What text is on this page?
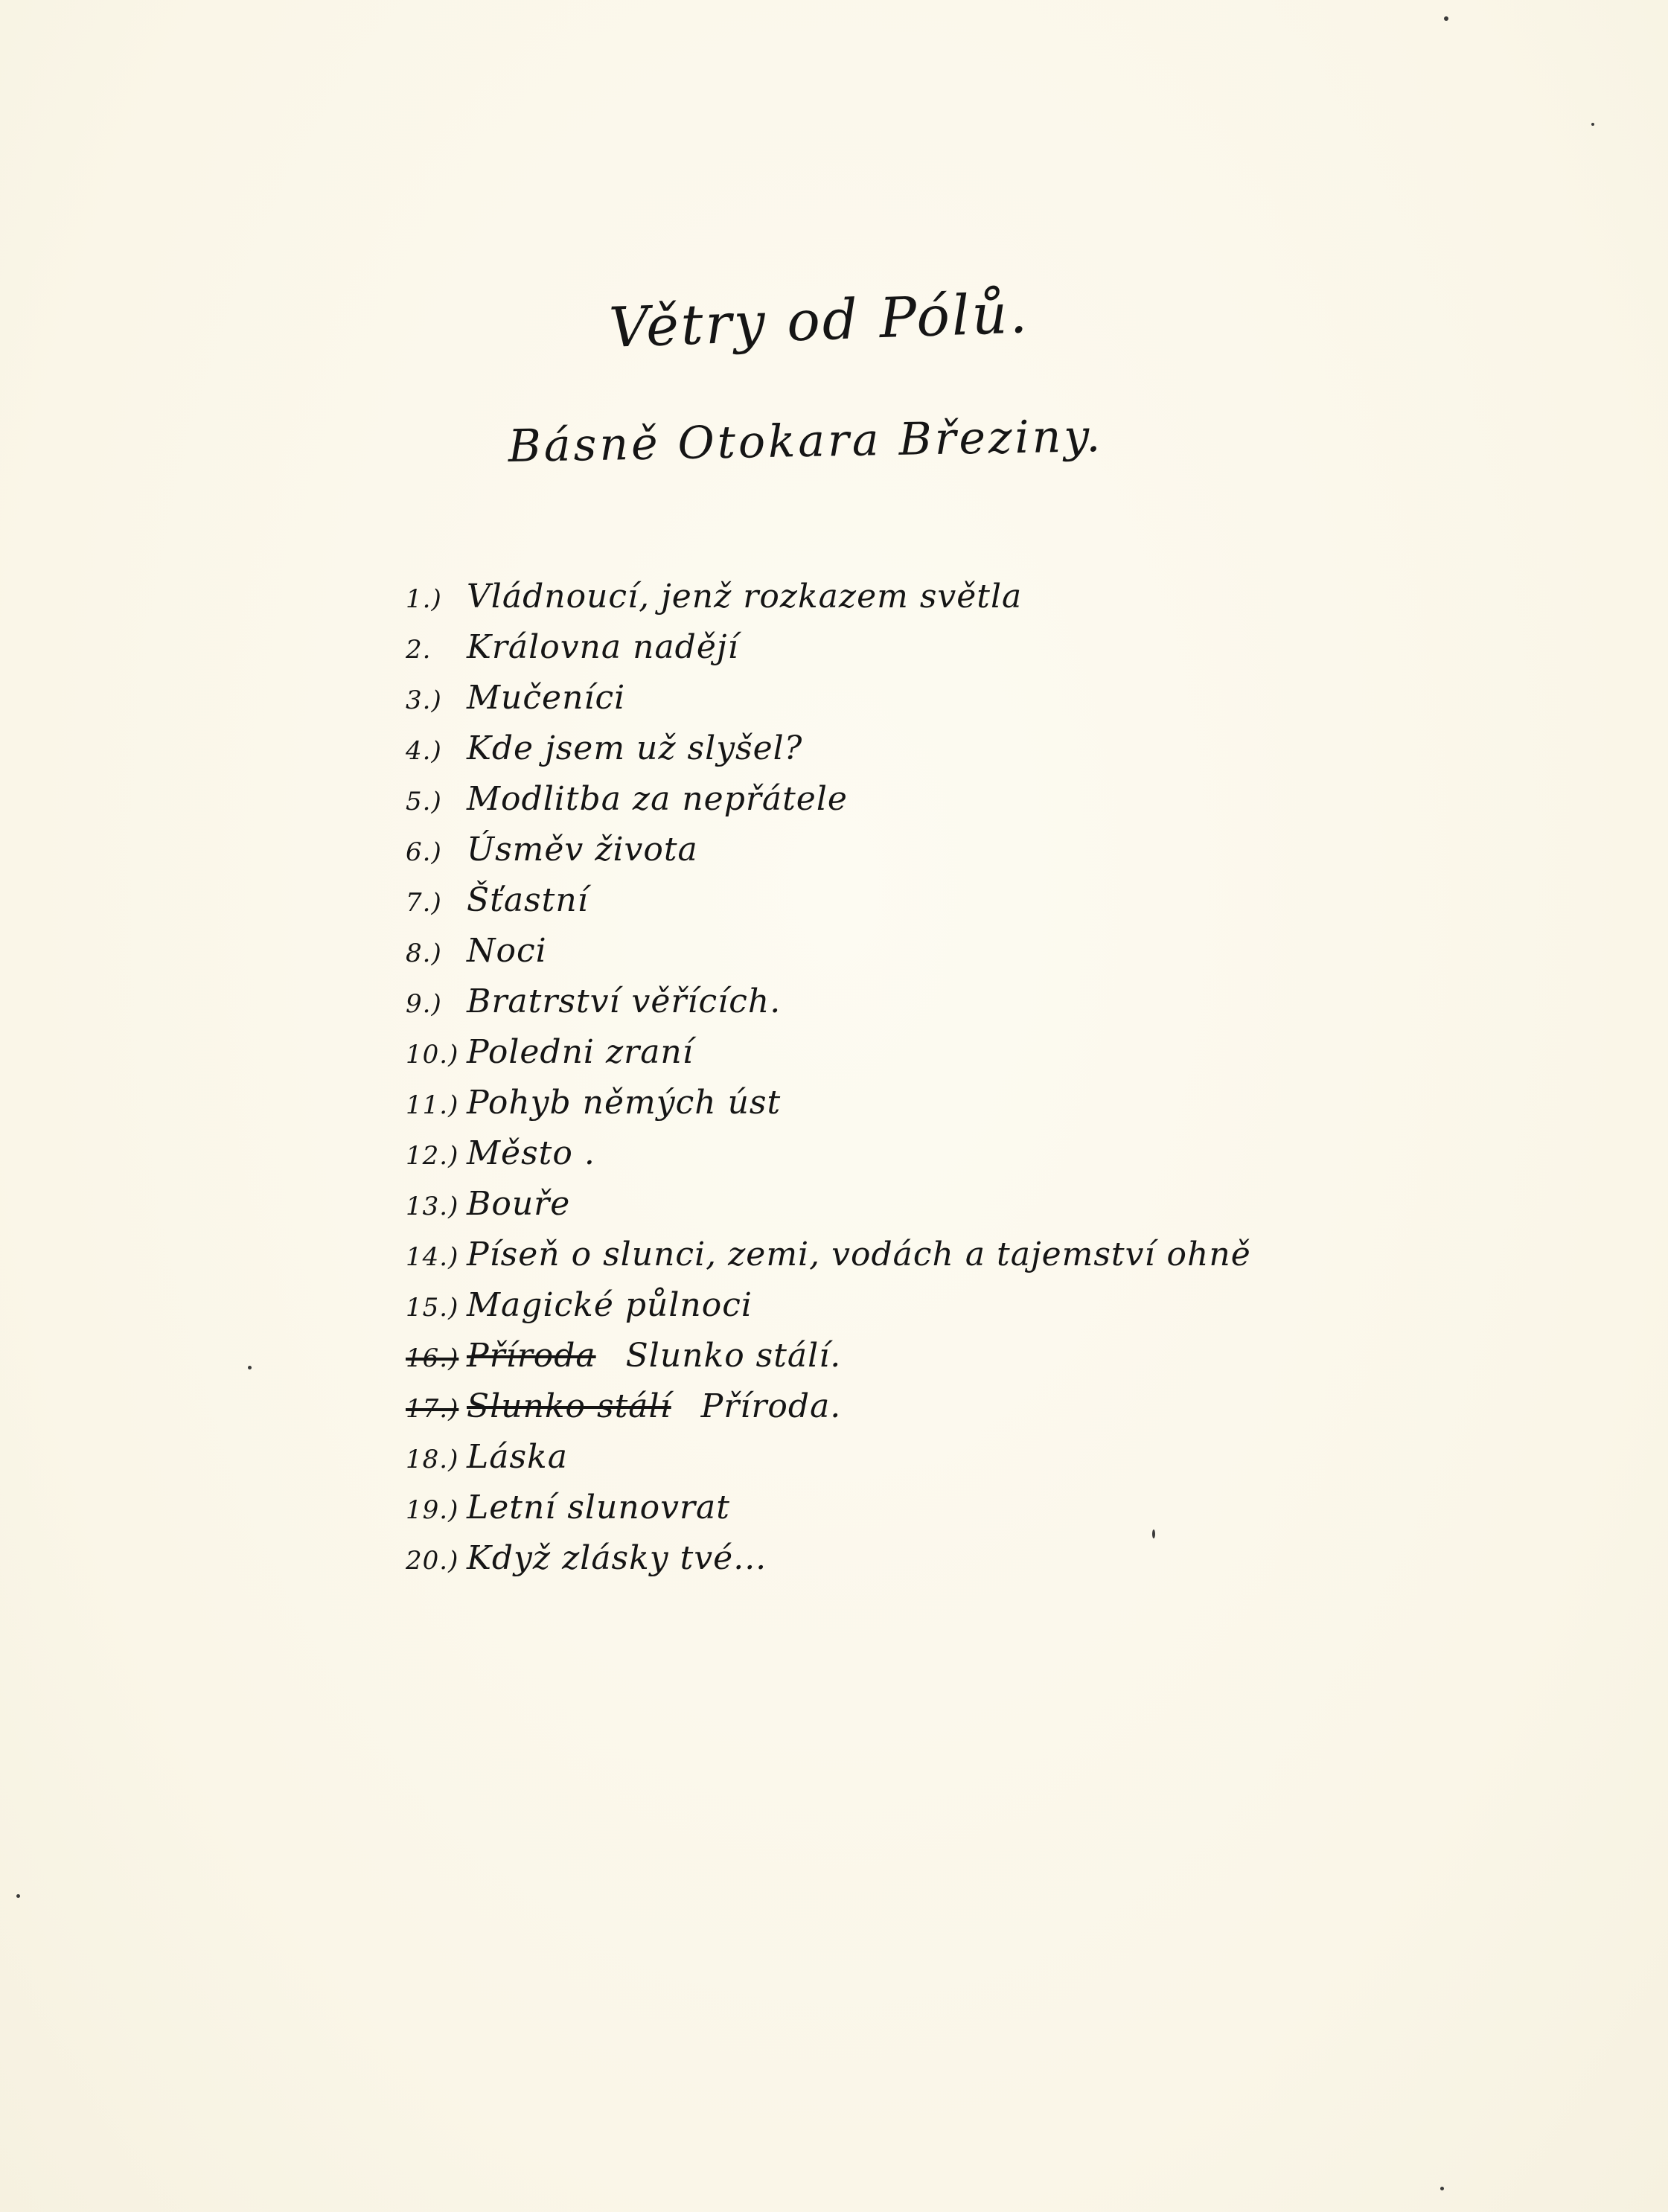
Větry od Pólů.
Básně Otokara Březiny.
1.) Vládnoucí, jenž rozkazem světla
2. Královna nadějí
3.) Mučeníci
4.) Kde jsem už slyšel?
5.) Modlitba za nepřátele
6.) Úsměv života
7.) Šťastní
8.) Noci
9.) Bratrství věřících.
10.) Poledni zraní
11.) Pohyb němých úst
12.) Město .
13.) Bouře
14.) Píseň o slunci, zemi, vodách a tajemství ohně
15.) Magické půlnoci
16.) Příroda Slunko stálí.
17.) Slunko stálí Příroda.
18.) Láska
19.) Letní slunovrat
20.) Když zlásky tvé...
